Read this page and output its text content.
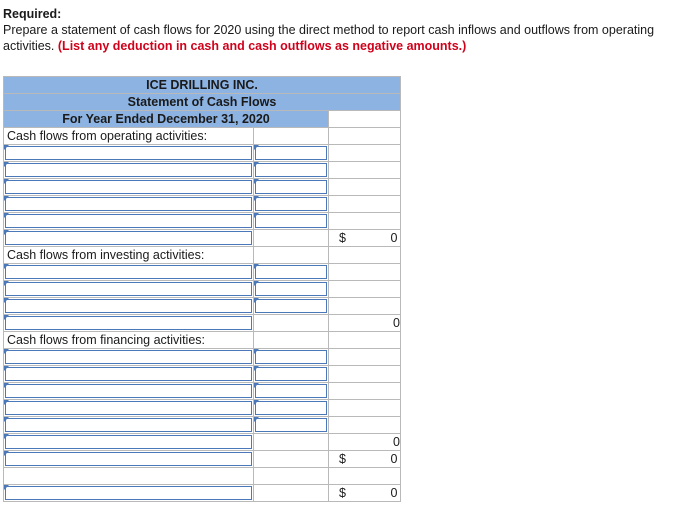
Required:
Prepare a statement of cash flows for 2020 using the direct method to report cash inflows and outflows from operating activities. (List any deduction in cash and cash outflows as negative amounts.)
ICE DRILLING INC.		
Statement of Cash Flows		
For Year Ended December 31, 2020		
Cash flows from operating activities:		

		$ 0

Cash flows from investing activities:		

		0
Cash flows from financing activities:		

		0

		$ 0

		$ 0
